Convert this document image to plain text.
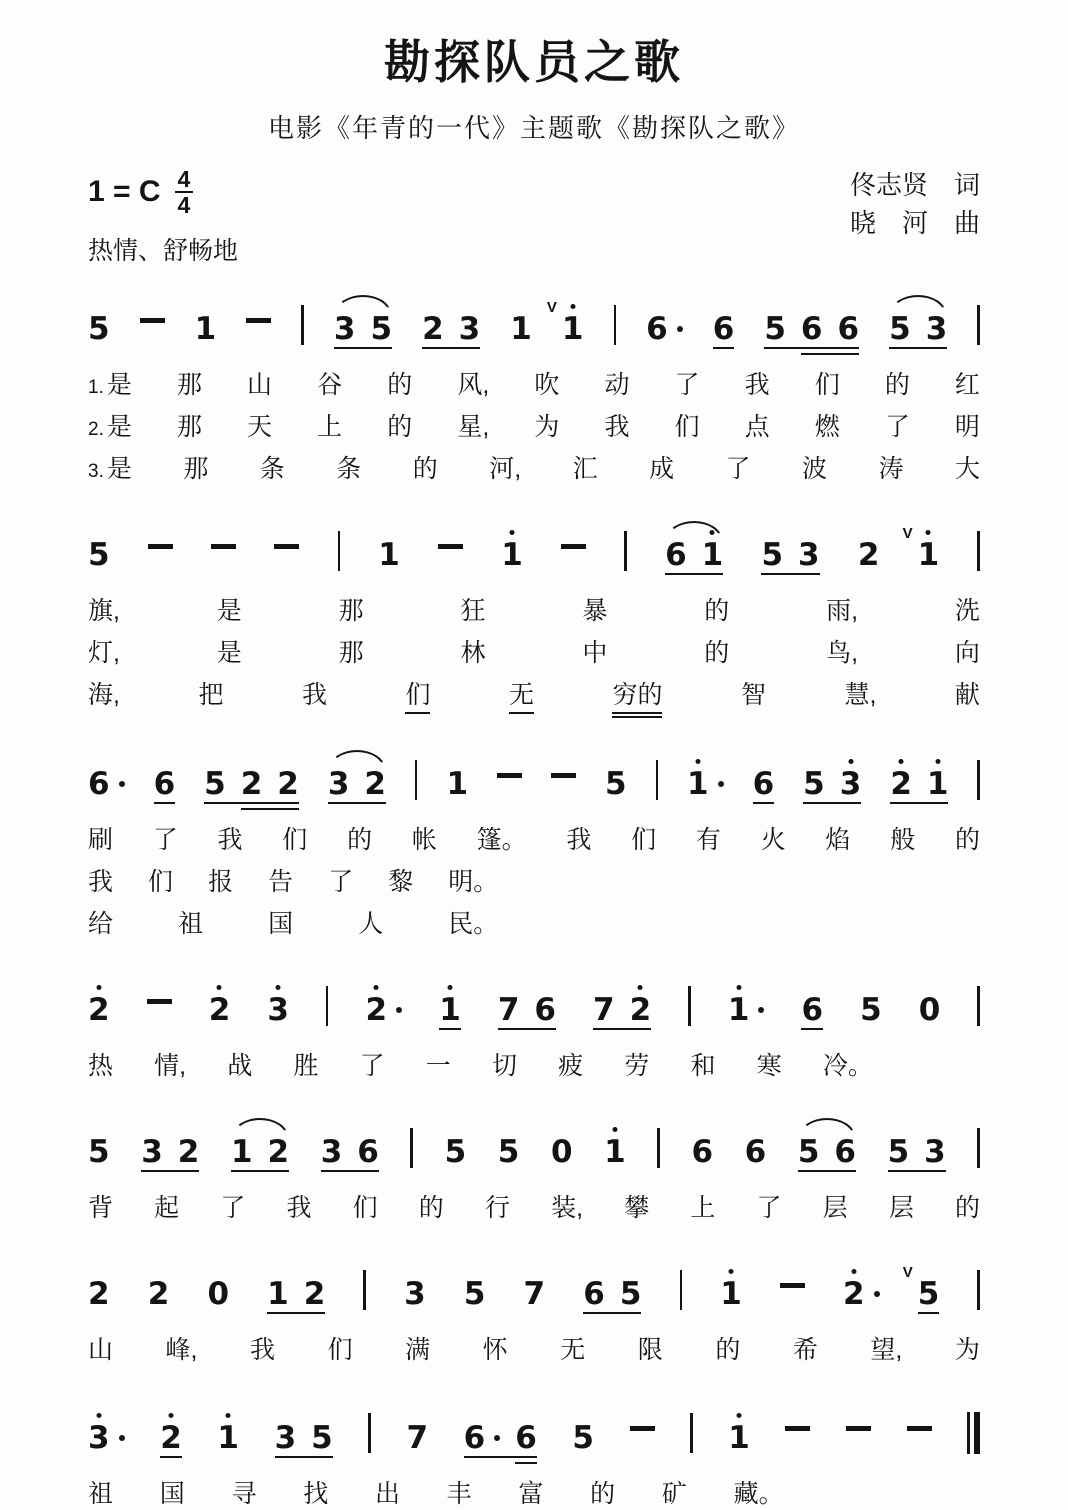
勘探队员之歌
电影《年青的一代》主题歌《勘探队之歌》
1 = C $\frac{4}{4}$
热情、舒畅地
佟志贤　词
晓　河　曲
5	1	3 5 2 3 1
V
1 6 6 5 6 6 5 3
1. 是 那 山 谷 的 风, 吹 动 了 我 们 的 红
2. 是 那 天 上 的 星, 为 我 们 点 燃 了 明
3. 是 那 条 条 的 河, 汇 成 了 波 涛 大
5	1	1	6 1 5 3 2
V
1
旗,	是	那	狂	暴	的	雨,	洗
灯,	是	那	林	中	的	鸟,	向
海,	把	我	们	无	穷的	智	慧,	献
6 6 5 2 2 3 2 1	5 1 6 5 3 2 1
刷 了 我 们 的 帐 篷。 我 们 有 火 焰 般 的
我 们 报 告 了 黎 明。
给	祖	国	人	民。
2	2 3 2 1 7 6 7 2 1 6 5 0
热 情, 战 胜 了 一 切 疲 劳 和 寒 冷。
5 3 2 1 2 3 6 5 5 0 1 6 6 5 6 5 3
背 起 了 我 们 的 行 装, 攀 上 了 层 层 的
2 2 0 1 2	3 5 7 6 5	1	2
V
5
山 峰, 我 们 满 怀 无 限 的 希 望, 为
3 2 1 3 5 7 6 6 5	1
祖 国 寻 找 出 丰 富 的 矿 藏。
